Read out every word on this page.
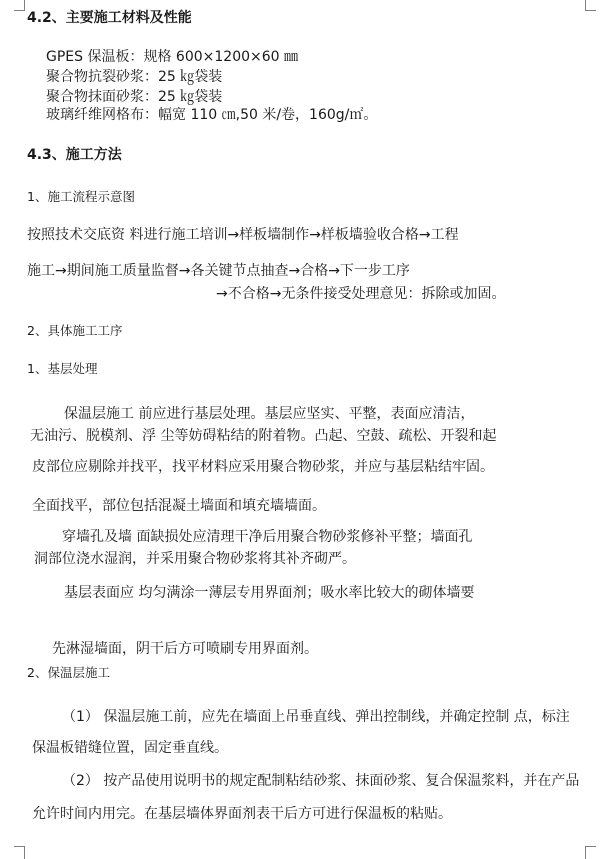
4.2、主要施工材料及性能
GPES 保温板：规格 600×1200×60 ㎜
聚合物抗裂砂浆：25 ㎏袋装
聚合物抹面砂浆：25 ㎏袋装
玻璃纤维网格布：幅宽 110 ㎝,50 米/卷，160g/㎡。
4.3、施工方法
1、施工流程示意图
按照技术交底资 料进行施工培训→样板墙制作→样板墙验收合格→工程
施工→期间施工质量监督→各关键节点抽查→合格→下一步工序
→不合格→无条件接受处理意见：拆除或加固。
2、具体施工工序
1、基层处理
保温层施工 前应进行基层处理。基层应坚实、平整，表面应清洁，
无油污、脱模剂、浮 尘等妨碍粘结的附着物。凸起、空鼓、疏松、开裂和起
皮部位应剔除并找平，找平材料应采用聚合物砂浆，并应与基层粘结牢固。
全面找平，部位包括混凝土墙面和填充墙墙面。
穿墙孔及墙 面缺损处应清理干净后用聚合物砂浆修补平整；墙面孔
洞部位浇水湿润，并采用聚合物砂浆将其补齐砌严。
基层表面应 均匀满涂一薄层专用界面剂；吸水率比较大的砌体墙要
先淋湿墙面，阴干后方可喷刷专用界面剂。
2、保温层施工
（1） 保温层施工前，应先在墙面上吊垂直线、弹出控制线，并确定控制 点，标注
保温板错缝位置，固定垂直线。
（2） 按产品使用说明书的规定配制粘结砂浆、抹面砂浆、复合保温浆料，并在产品
允许时间内用完。在基层墙体界面剂表干后方可进行保温板的粘贴。
